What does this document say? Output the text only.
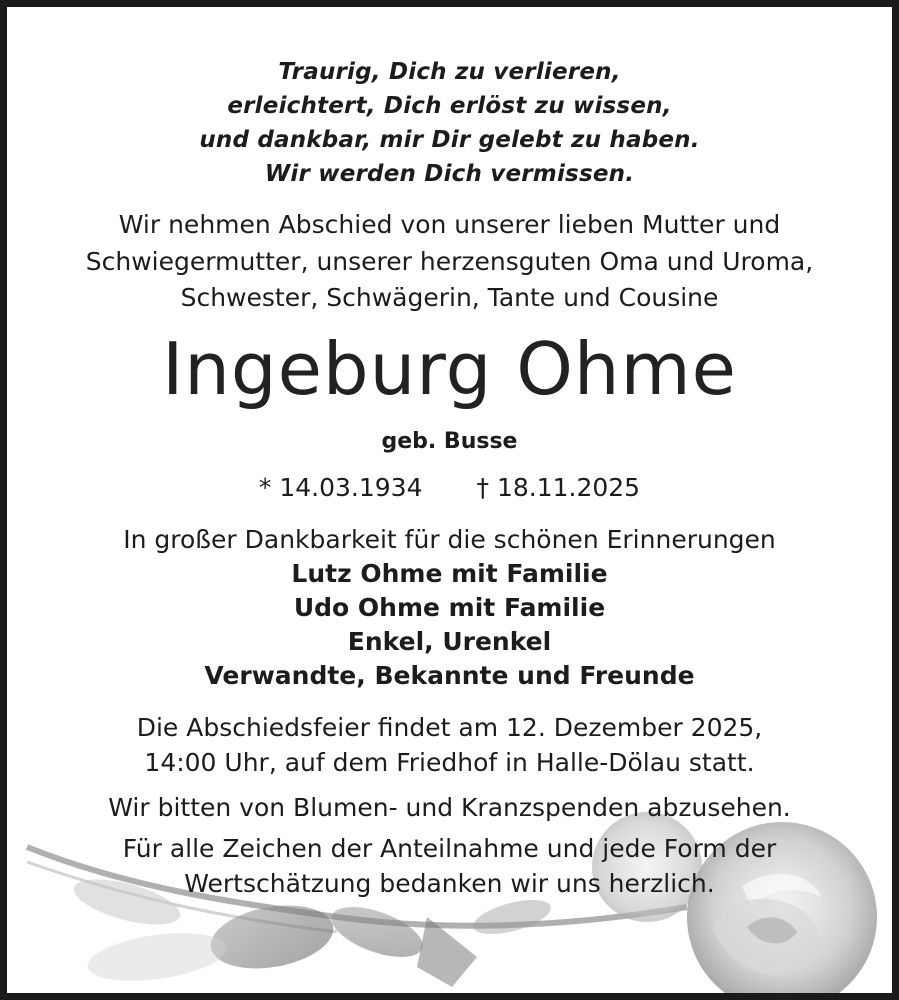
Traurig, Dich zu verlieren,
erleichtert, Dich erlöst zu wissen,
und dankbar, mir Dir gelebt zu haben.
Wir werden Dich vermissen.
Wir nehmen Abschied von unserer lieben Mutter und
Schwiegermutter, unserer herzensguten Oma und Uroma,
Schwester, Schwägerin, Tante und Cousine
Ingeburg Ohme
geb. Busse
* 14.03.1934 † 18.11.2025
In großer Dankbarkeit für die schönen Erinnerungen
Lutz Ohme mit Familie
Udo Ohme mit Familie
Enkel, Urenkel
Verwandte, Bekannte und Freunde
Die Abschiedsfeier findet am 12. Dezember 2025,
14:00 Uhr, auf dem Friedhof in Halle-Dölau statt.
Wir bitten von Blumen- und Kranzspenden abzusehen.
Für alle Zeichen der Anteilnahme und jede Form der
Wertschätzung bedanken wir uns herzlich.
